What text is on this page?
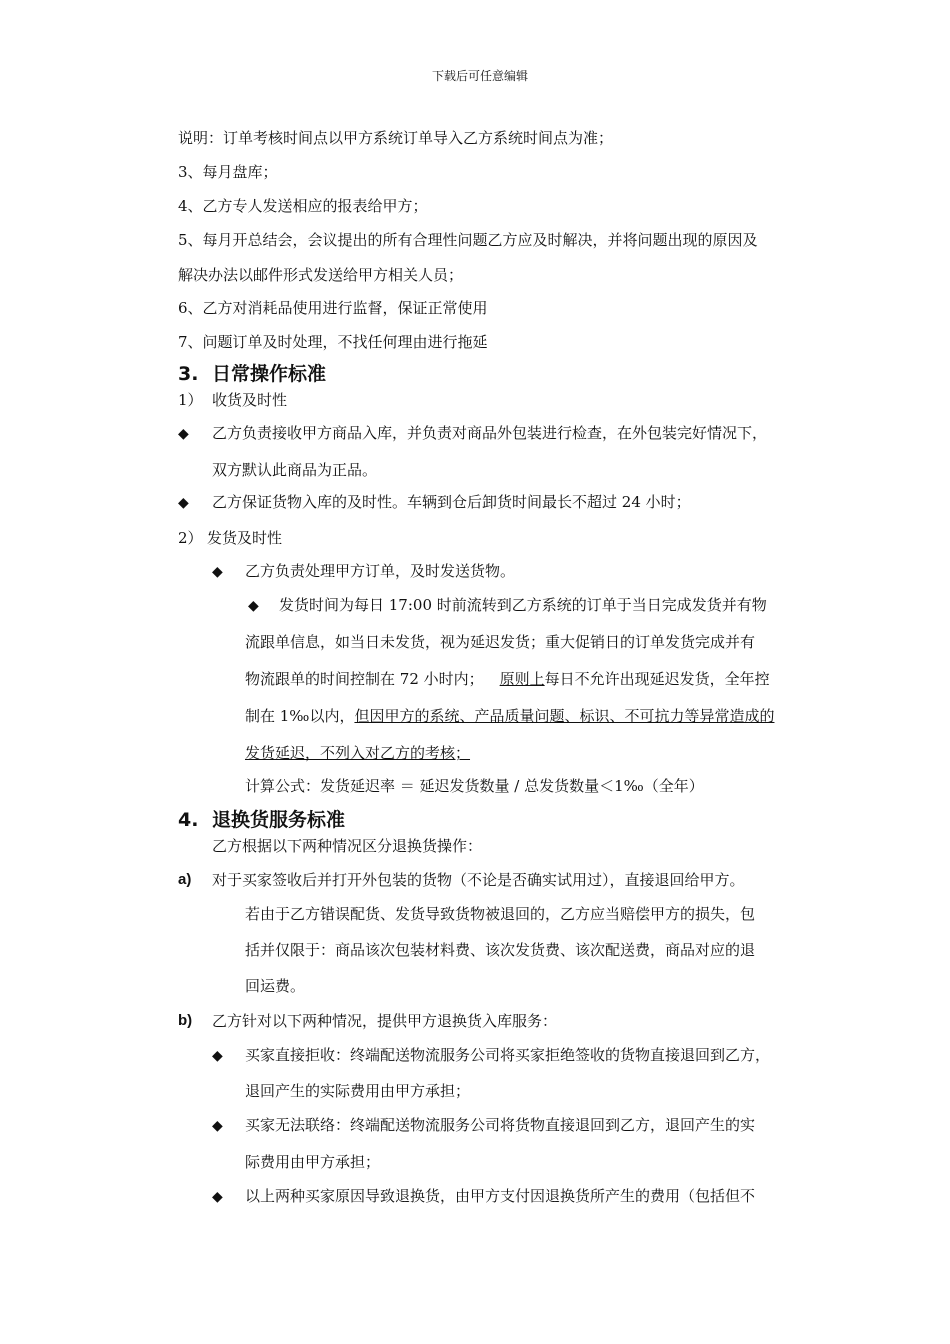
下载后可任意编辑
说明：订单考核时间点以甲方系统订单导入乙方系统时间点为准；
3、每月盘库；
4、乙方专人发送相应的报表给甲方；
5、每月开总结会，会议提出的所有合理性问题乙方应及时解决，并将问题出现的原因及
解决办法以邮件形式发送给甲方相关人员；
6、乙方对消耗品使用进行监督，保证正常使用
7、问题订单及时处理，不找任何理由进行拖延
3. 日常操作标准
1） 收货及时性
◆ 乙方负责接收甲方商品入库，并负责对商品外包装进行检查，在外包装完好情况下，
双方默认此商品为正品。
◆ 乙方保证货物入库的及时性。车辆到仓后卸货时间最长不超过 24 小时；
2） 发货及时性
◆ 乙方负责处理甲方订单，及时发送货物。
◆ 发货时间为每日 17:00 时前流转到乙方系统的订单于当日完成发货并有物
流跟单信息，如当日未发货，视为延迟发货；重大促销日的订单发货完成并有
物流跟单的时间控制在 72 小时内； 原则上每日不允许出现延迟发货，全年控
制在 1‰以内，但因甲方的系统、产品质量问题、标识、不可抗力等异常造成的
发货延迟，不列入对乙方的考核；
计算公式：发货延迟率 ＝ 延迟发货数量 / 总发货数量＜1‰（全年）
4. 退换货服务标准
乙方根据以下两种情况区分退换货操作：
a) 对于买家签收后并打开外包装的货物（不论是否确实试用过），直接退回给甲方。
若由于乙方错误配货、发货导致货物被退回的，乙方应当赔偿甲方的损失，包
括并仅限于：商品该次包装材料费、该次发货费、该次配送费，商品对应的退
回运费。
b) 乙方针对以下两种情况，提供甲方退换货入库服务：
◆ 买家直接拒收：终端配送物流服务公司将买家拒绝签收的货物直接退回到乙方，
退回产生的实际费用由甲方承担；
◆ 买家无法联络：终端配送物流服务公司将货物直接退回到乙方，退回产生的实
际费用由甲方承担；
◆ 以上两种买家原因导致退换货，由甲方支付因退换货所产生的费用（包括但不
